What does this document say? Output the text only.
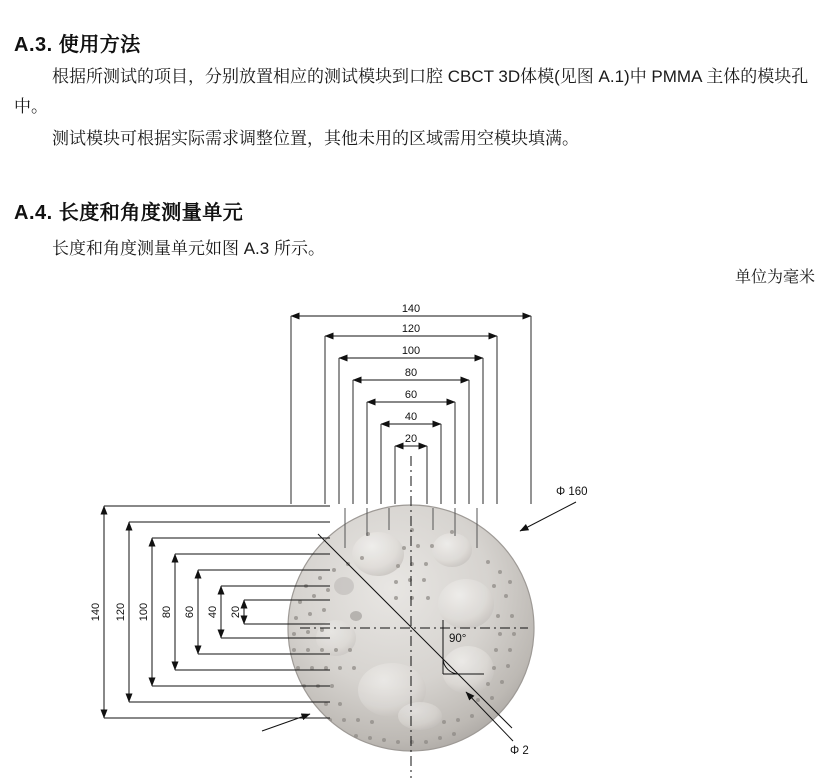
A.3. 使用方法

根据所测试的项目，分别放置相应的测试模块到口腔 CBCT 3D体模(见图 A.1)中 PMMA 主体的模块孔中。

测试模块可根据实际需求调整位置，其他未用的区域需用空模块填满。

A.4. 长度和角度测量单元

长度和角度测量单元如图 A.3 所示。

单位为毫米
140
120
100
80
60
40
20
140 120 100 80 60 40 20
Φ 160
Φ 2
90°
